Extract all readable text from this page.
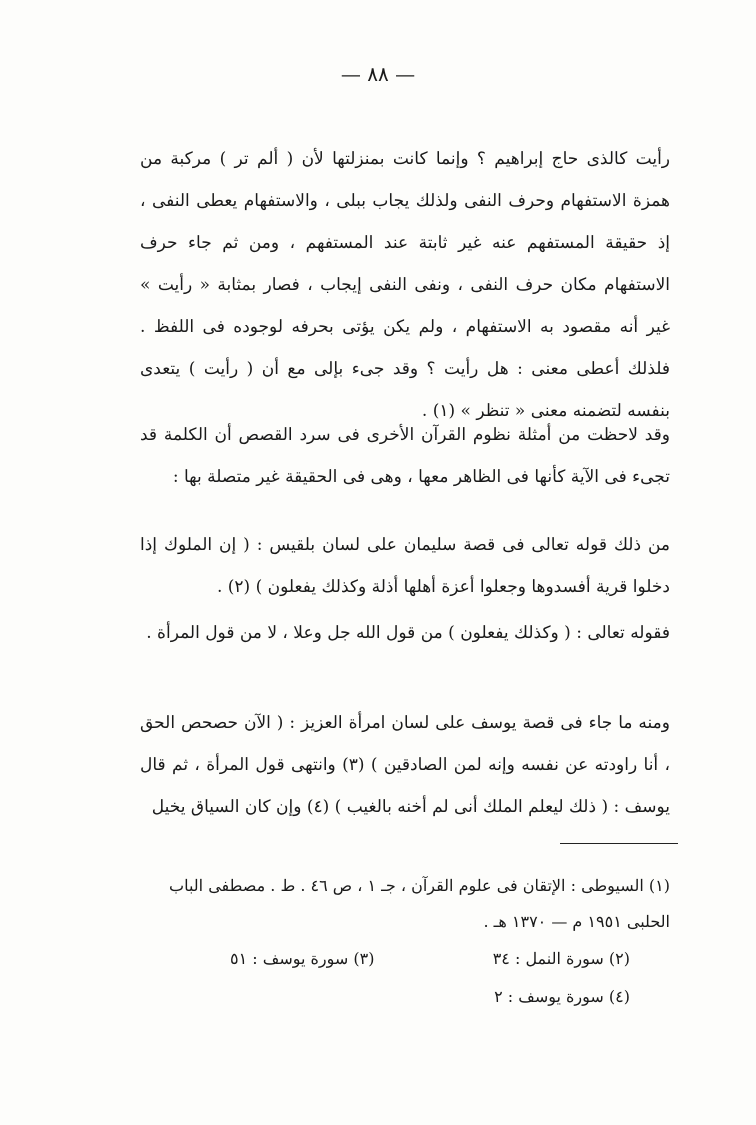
— ٨٨ —

رأيت كالذى حاج إبراهيم ؟ وإنما كانت بمنزلتها لأن ( ألم تر ) مركبة من همزة الاستفهام وحرف النفى ولذلك يجاب ببلى ، والاستفهام يعطى النفى ، إذ حقيقة المستفهم عنه غير ثابتة عند المستفهم ، ومن ثم جاء حرف الاستفهام مكان حرف النفى ، ونفى النفى إيجاب ، فصار بمثابة « رأيت » غير أنه مقصود به الاستفهام ، ولم يكن يؤتى بحرفه لوجوده فى اللفظ . فلذلك أعطى معنى : هل رأيت ؟ وقد جىء بإلى مع أن ( رأيت ) يتعدى بنفسه لتضمنه معنى « تنظر » (١) .

وقد لاحظت من أمثلة نظوم القرآن الأخرى فى سرد القصص أن الكلمة قد تجىء فى الآية كأنها فى الظاهر معها ، وهى فى الحقيقة غير متصلة بها :

من ذلك قوله تعالى فى قصة سليمان على لسان بلقيس : ( إن الملوك إذا دخلوا قرية أفسدوها وجعلوا أعزة أهلها أذلة وكذلك يفعلون ) (٢) .

فقوله تعالى : ( وكذلك يفعلون ) من قول الله جل وعلا ، لا من قول المرأة .

ومنه ما جاء فى قصة يوسف على لسان امرأة العزيز : ( الآن حصحص الحق ، أنا راودته عن نفسه وإنه لمن الصادقين ) (٣) وانتهى قول المرأة ، ثم قال يوسف : ( ذلك ليعلم الملك أنى لم أخنه بالغيب ) (٤) وإن كان السياق يخيل

(١) السيوطى : الإتقان فى علوم القرآن ، جـ ١ ، ص ٤٦ . ط . مصطفى الباب الحلبى ١٩٥١ م — ١٣٧٠ هـ .

(٢) سورة النمل : ٣٤
(٣) سورة يوسف : ٥١
(٤) سورة يوسف : ٢
